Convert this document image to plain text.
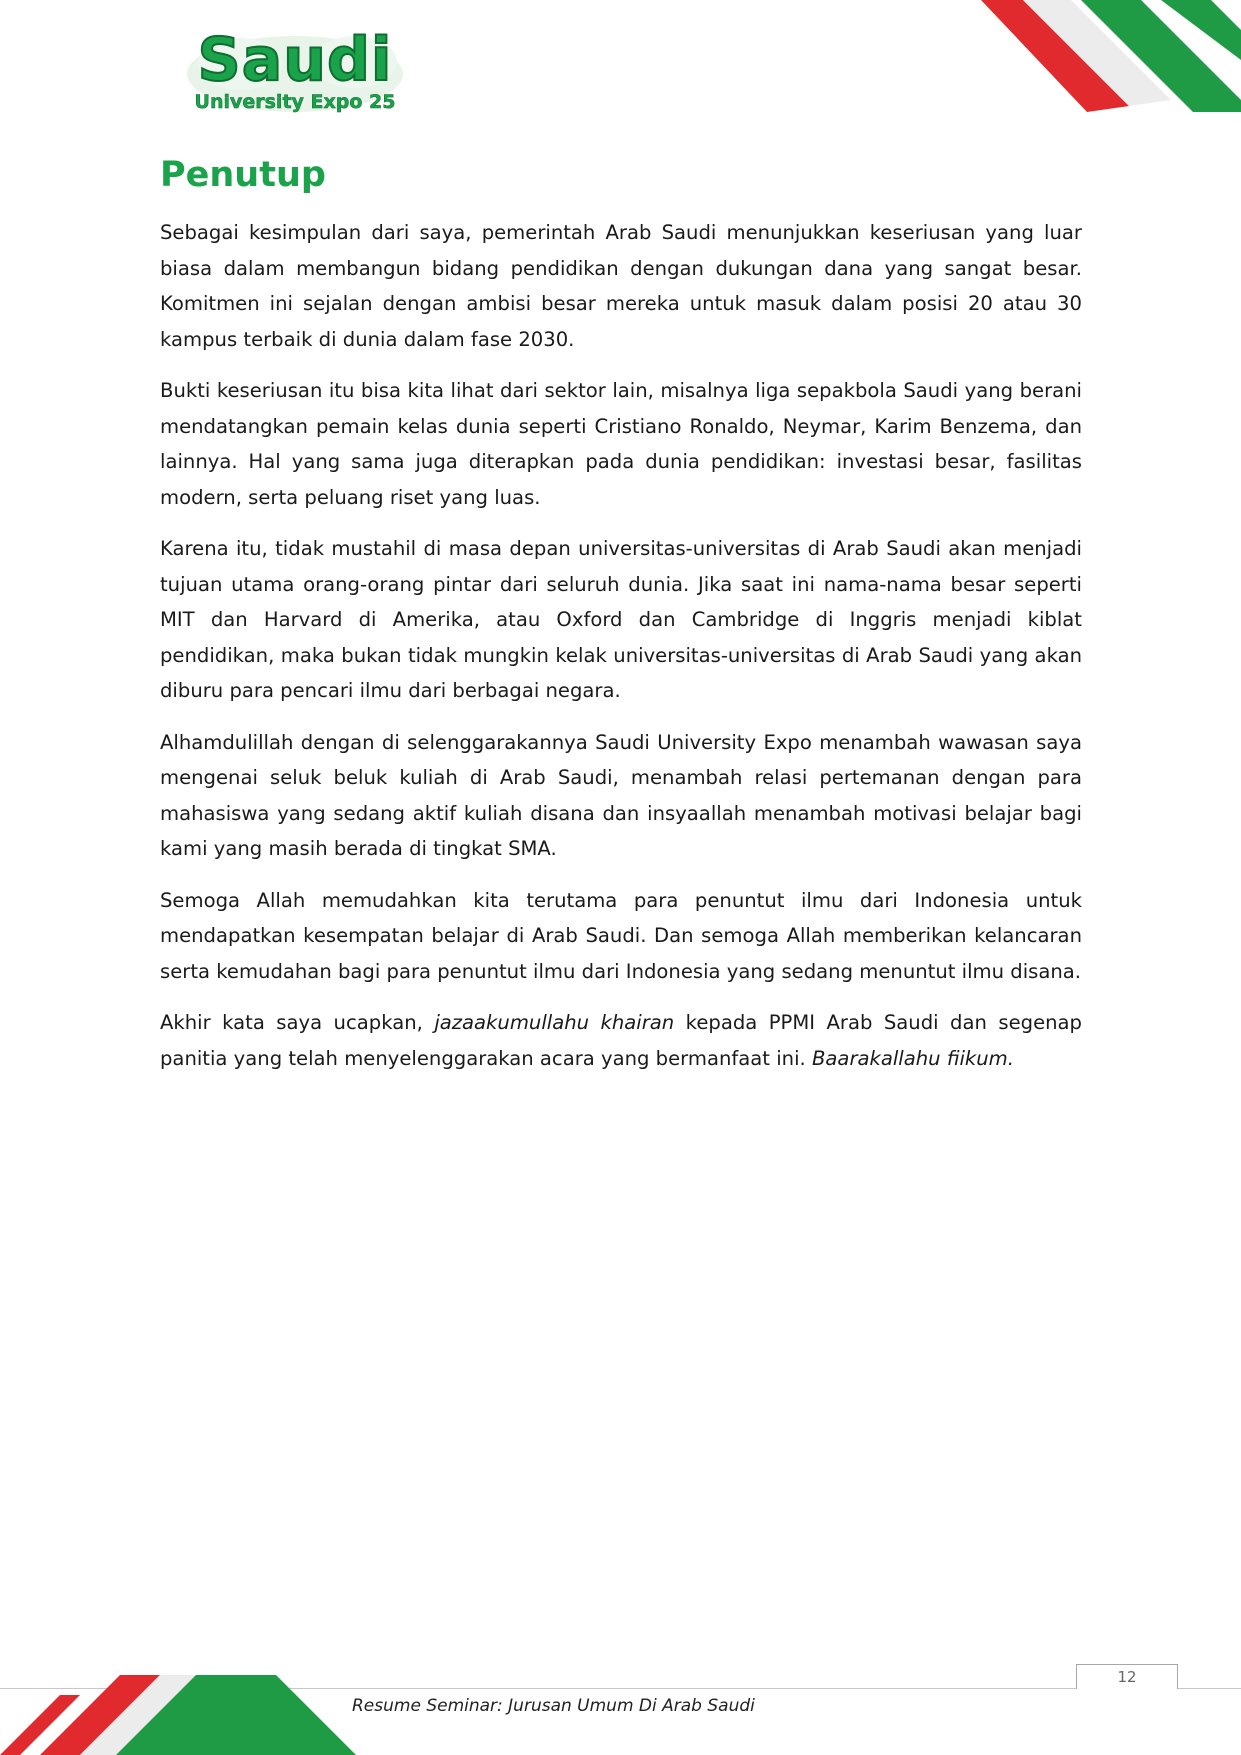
Saudi
University Expo 25
Penutup

Sebagai kesimpulan dari saya, pemerintah Arab Saudi menunjukkan keseriusan yang luar biasa dalam membangun bidang pendidikan dengan dukungan dana yang sangat besar. Komitmen ini sejalan dengan ambisi besar mereka untuk masuk dalam posisi 20 atau 30 kampus terbaik di dunia dalam fase 2030.

Bukti keseriusan itu bisa kita lihat dari sektor lain, misalnya liga sepakbola Saudi yang berani mendatangkan pemain kelas dunia seperti Cristiano Ronaldo, Neymar, Karim Benzema, dan lainnya. Hal yang sama juga diterapkan pada dunia pendidikan: investasi besar, fasilitas modern, serta peluang riset yang luas.

Karena itu, tidak mustahil di masa depan universitas-universitas di Arab Saudi akan menjadi tujuan utama orang-orang pintar dari seluruh dunia. Jika saat ini nama-nama besar seperti MIT dan Harvard di Amerika, atau Oxford dan Cambridge di Inggris menjadi kiblat pendidikan, maka bukan tidak mungkin kelak universitas-universitas di Arab Saudi yang akan diburu para pencari ilmu dari berbagai negara.

Alhamdulillah dengan di selenggarakannya Saudi University Expo menambah wawasan saya mengenai seluk beluk kuliah di Arab Saudi, menambah relasi pertemanan dengan para mahasiswa yang sedang aktif kuliah disana dan insyaallah menambah motivasi belajar bagi kami yang masih berada di tingkat SMA.

Semoga Allah memudahkan kita terutama para penuntut ilmu dari Indonesia untuk mendapatkan kesempatan belajar di Arab Saudi. Dan semoga Allah memberikan kelancaran serta kemudahan bagi para penuntut ilmu dari Indonesia yang sedang menuntut ilmu disana.

Akhir kata saya ucapkan, jazaakumullahu khairan kepada PPMI Arab Saudi dan segenap panitia yang telah menyelenggarakan acara yang bermanfaat ini. Baarakallahu fiikum.

12
Resume Seminar: Jurusan Umum Di Arab Saudi
